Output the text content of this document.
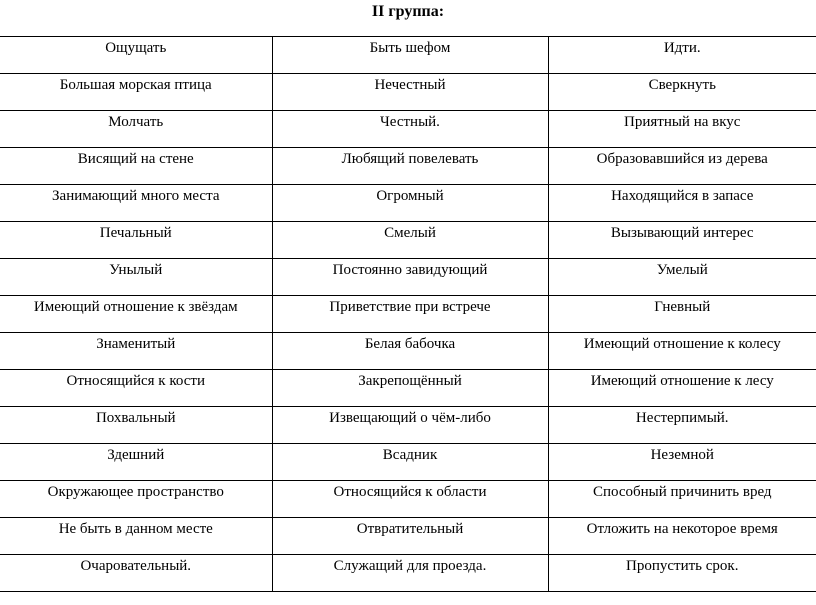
II группа:
Ощущать	Быть шефом	Идти.
Большая морская птица	Нечестный	Сверкнуть
Молчать	Честный.	Приятный на вкус
Висящий на стене	Любящий повелевать	Образовавшийся из дерева
Занимающий много места	Огромный	Находящийся в запасе
Печальный	Смелый	Вызывающий интерес
Унылый	Постоянно завидующий	Умелый
Имеющий отношение к звёздам	Приветствие при встрече	Гневный
Знаменитый	Белая бабочка	Имеющий отношение к колесу
Относящийся к кости	Закрепощённый	Имеющий отношение к лесу
Похвальный	Извещающий о чём-либо	Нестерпимый.
Здешний	Всадник	Неземной
Окружающее пространство	Относящийся к области	Способный причинить вред
Не быть в данном месте	Отвратительный	Отложить на некоторое время
Очаровательный.	Служащий для проезда.	Пропустить срок.
